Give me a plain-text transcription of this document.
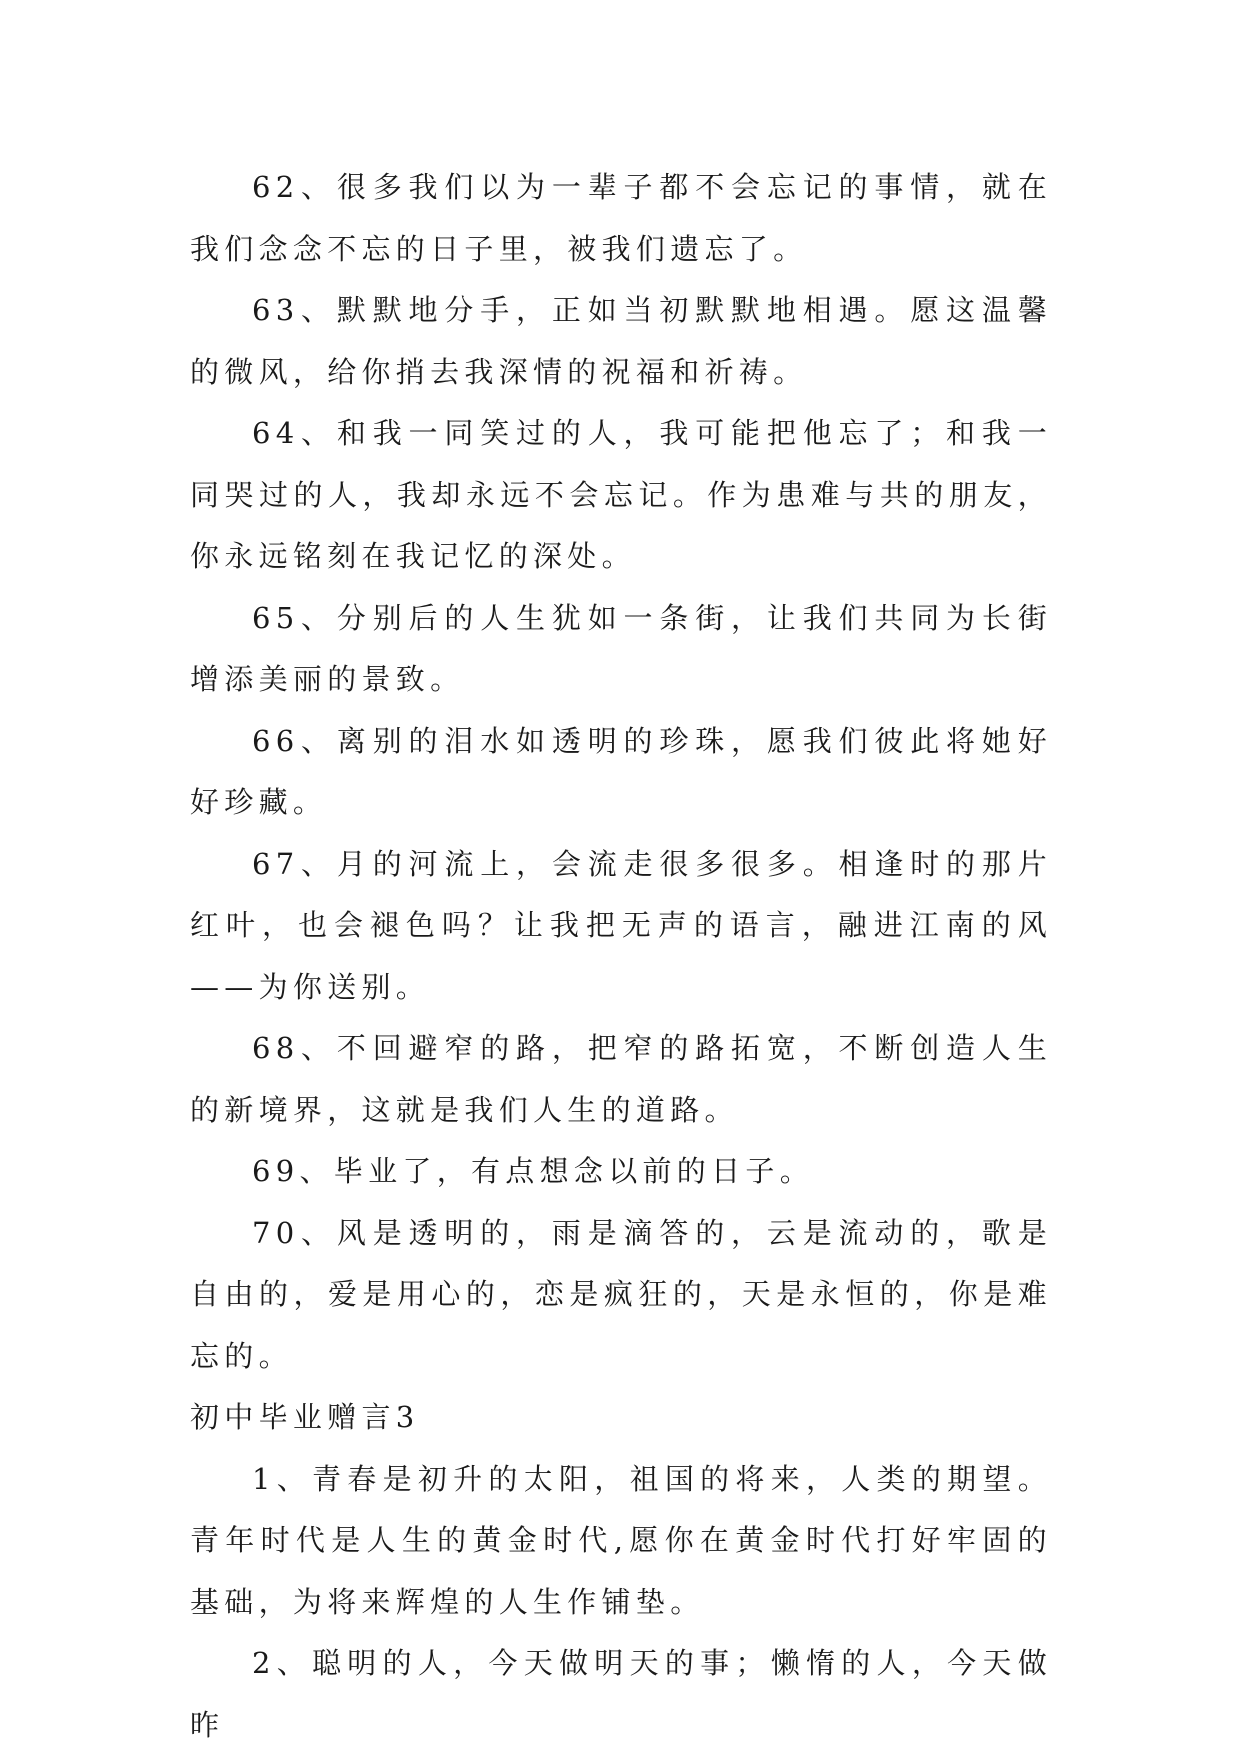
62、很多我们以为一辈子都不会忘记的事情，就在我们念念不忘的日子里，被我们遗忘了。

63、默默地分手，正如当初默默地相遇。愿这温馨的微风，给你捎去我深情的祝福和祈祷。

64、和我一同笑过的人，我可能把他忘了；和我一同哭过的人，我却永远不会忘记。作为患难与共的朋友，你永远铭刻在我记忆的深处。

65、分别后的人生犹如一条街，让我们共同为长街增添美丽的景致。

66、离别的泪水如透明的珍珠，愿我们彼此将她好好珍藏。

67、月的河流上，会流走很多很多。相逢时的那片红叶，也会褪色吗？让我把无声的语言，融进江南的风——为你送别。

68、不回避窄的路，把窄的路拓宽，不断创造人生的新境界，这就是我们人生的道路。

69、毕业了，有点想念以前的日子。

70、风是透明的，雨是滴答的，云是流动的，歌是自由的，爱是用心的，恋是疯狂的，天是永恒的，你是难忘的。

初中毕业赠言3

1、青春是初升的太阳，祖国的将来，人类的期望。青年时代是人生的黄金时代,愿你在黄金时代打好牢固的基础，为将来辉煌的人生作铺垫。

2、聪明的人，今天做明天的事；懒惰的人，今天做昨
